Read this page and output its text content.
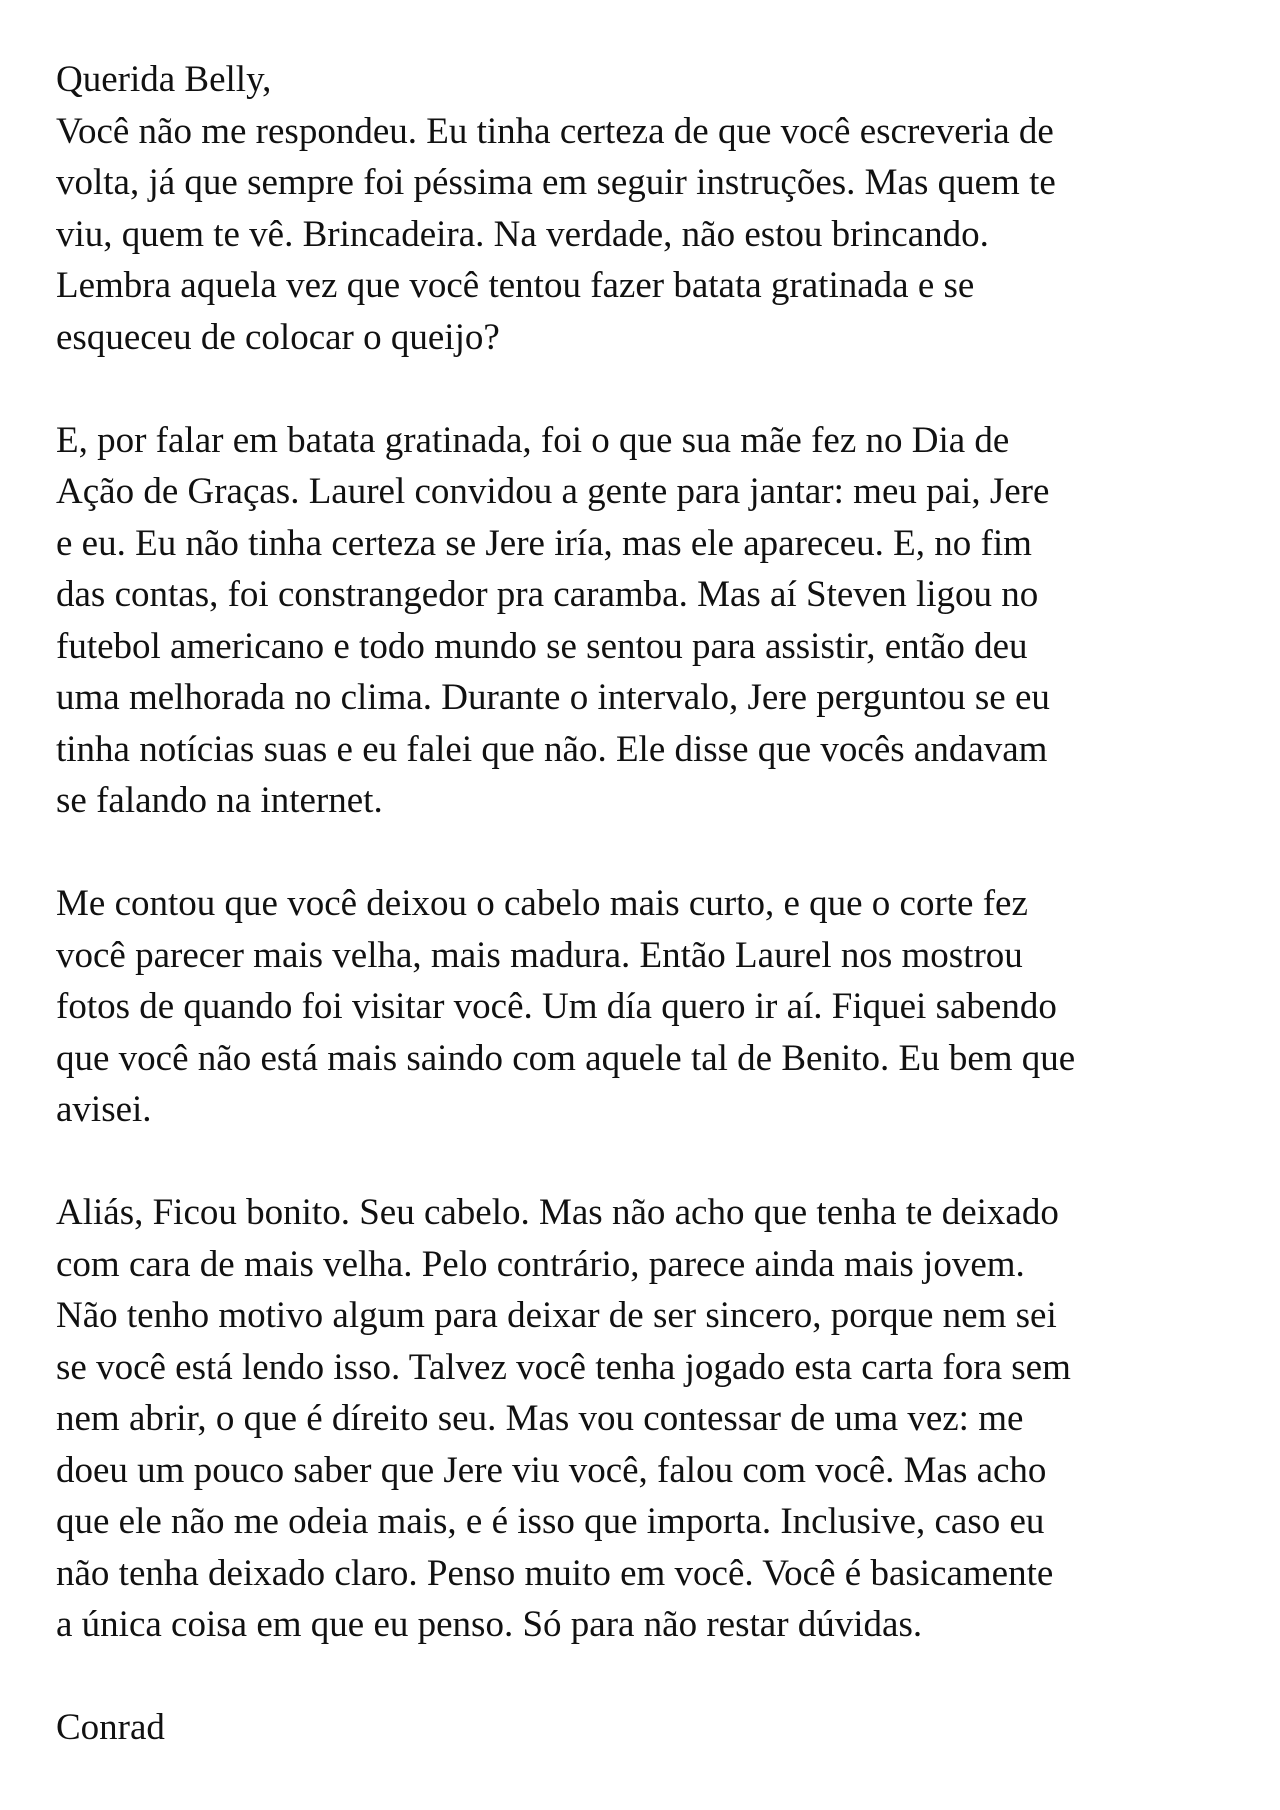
Querida Belly,
Você não me respondeu. Eu tinha certeza de que você escreveria de
volta, já que sempre foi péssima em seguir instruções. Mas quem te
viu, quem te vê. Brincadeira. Na verdade, não estou brincando.
Lembra aquela vez que você tentou fazer batata gratinada e se
esqueceu de colocar o queijo?
E, por falar em batata gratinada, foi o que sua mãe fez no Dia de
Ação de Graças. Laurel convidou a gente para jantar: meu pai, Jere
e eu. Eu não tinha certeza se Jere iría, mas ele apareceu. E, no fim
das contas, foi constrangedor pra caramba. Mas aí Steven ligou no
futebol americano e todo mundo se sentou para assistir, então deu
uma melhorada no clima. Durante o intervalo, Jere perguntou se eu
tinha notícias suas e eu falei que não. Ele disse que vocês andavam
se falando na internet.
Me contou que você deixou o cabelo mais curto, e que o corte fez
você parecer mais velha, mais madura. Então Laurel nos mostrou
fotos de quando foi visitar você. Um día quero ir aí. Fiquei sabendo
que você não está mais saindo com aquele tal de Benito. Eu bem que
avisei.
Aliás, Ficou bonito. Seu cabelo. Mas não acho que tenha te deixado
com cara de mais velha. Pelo contrário, parece ainda mais jovem.
Não tenho motivo algum para deixar de ser sincero, porque nem sei
se você está lendo isso. Talvez você tenha jogado esta carta fora sem
nem abrir, o que é díreito seu. Mas vou contessar de uma vez: me
doeu um pouco saber que Jere viu você, falou com você. Mas acho
que ele não me odeia mais, e é isso que importa. Inclusive, caso eu
não tenha deixado claro. Penso muito em você. Você é basicamente
a única coisa em que eu penso. Só para não restar dúvidas.
Conrad
